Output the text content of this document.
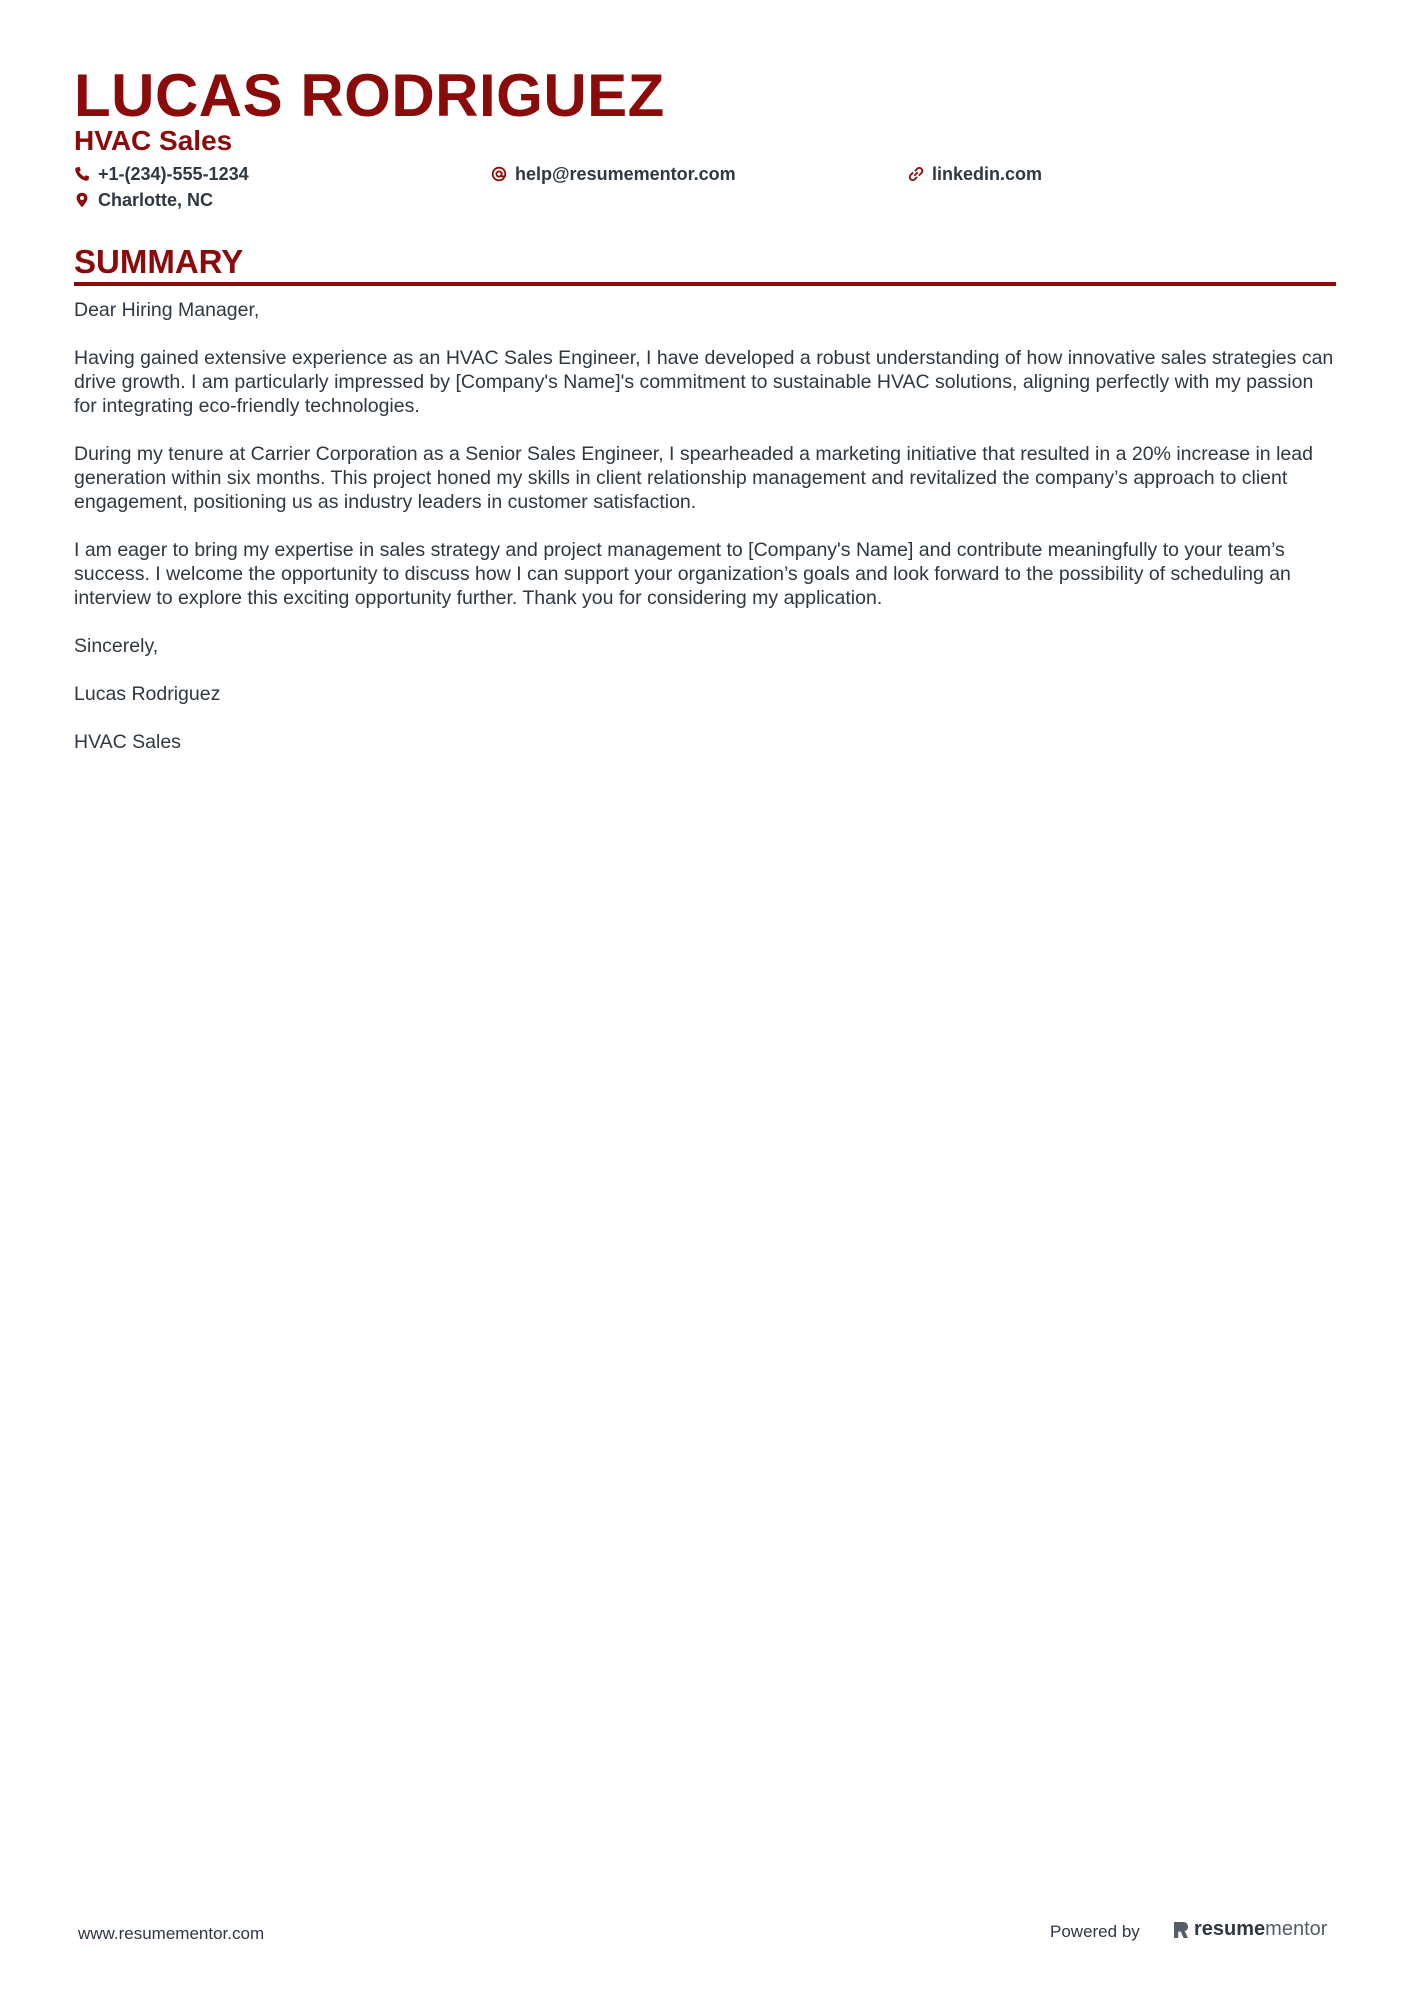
LUCAS RODRIGUEZ
HVAC Sales
+1-(234)-555-1234	help@resumementor.com	linkedin.com
Charlotte, NC
SUMMARY

Dear Hiring Manager,

Having gained extensive experience as an HVAC Sales Engineer, I have developed a robust understanding of how innovative sales strategies can drive growth. I am particularly impressed by [Company's Name]'s commitment to sustainable HVAC solutions, aligning perfectly with my passion for integrating eco-friendly technologies.

During my tenure at Carrier Corporation as a Senior Sales Engineer, I spearheaded a marketing initiative that resulted in a 20% increase in lead generation within six months. This project honed my skills in client relationship management and revitalized the company’s approach to client engagement, positioning us as industry leaders in customer satisfaction.

I am eager to bring my expertise in sales strategy and project management to [Company's Name] and contribute meaningfully to your team’s success. I welcome the opportunity to discuss how I can support your organization’s goals and look forward to the possibility of scheduling an interview to explore this exciting opportunity further. Thank you for considering my application.

Sincerely,

Lucas Rodriguez

HVAC Sales

www.resumementor.com	Powered by	resume mentor
